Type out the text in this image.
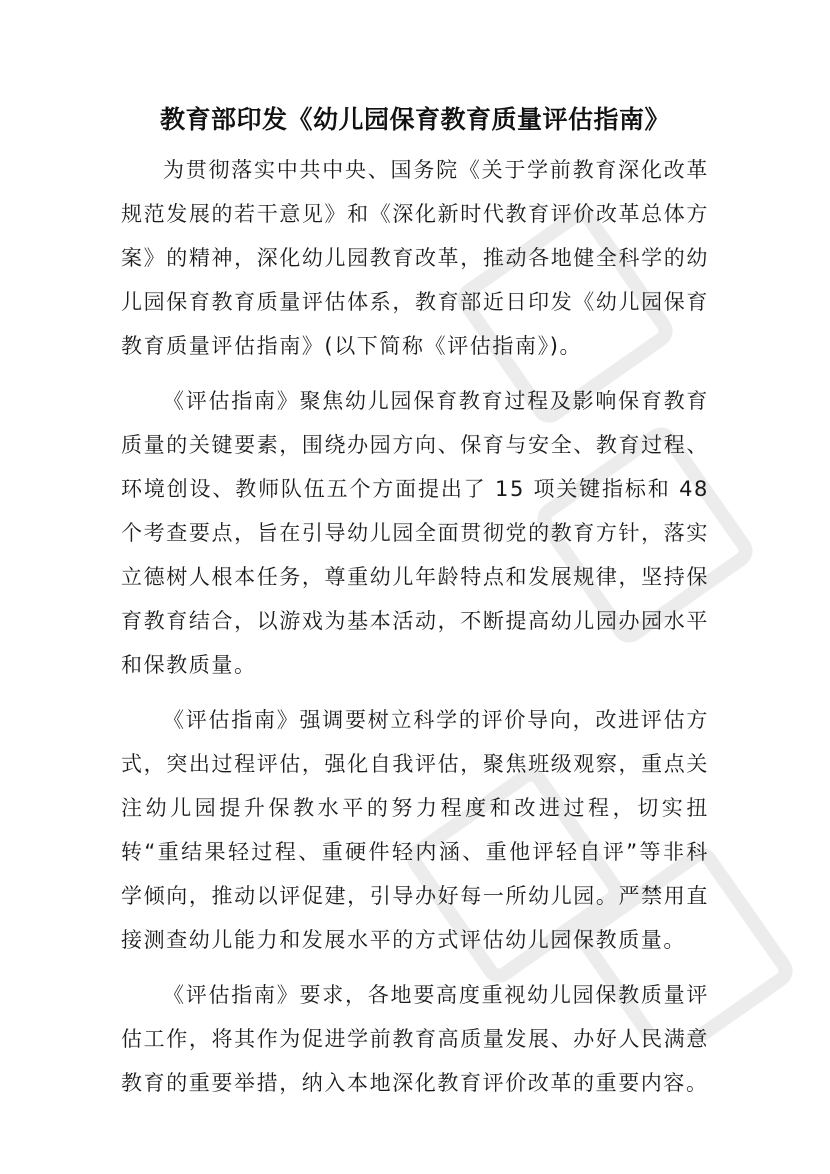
教育部印发《幼儿园保育教育质量评估指南》

为贯彻落实中共中央、国务院《关于学前教育深化改革规范发展的若干意见》和《深化新时代教育评价改革总体方案》的精神，深化幼儿园教育改革，推动各地健全科学的幼儿园保育教育质量评估体系，教育部近日印发《幼儿园保育教育质量评估指南》(以下简称《评估指南》)。

《评估指南》聚焦幼儿园保育教育过程及影响保育教育质量的关键要素，围绕办园方向、保育与安全、教育过程、环境创设、教师队伍五个方面提出了 15 项关键指标和 48 个考查要点，旨在引导幼儿园全面贯彻党的教育方针，落实立德树人根本任务，尊重幼儿年龄特点和发展规律，坚持保育教育结合，以游戏为基本活动，不断提高幼儿园办园水平和保教质量。

《评估指南》强调要树立科学的评价导向，改进评估方式，突出过程评估，强化自我评估，聚焦班级观察，重点关注幼儿园提升保教水平的努力程度和改进过程，切实扭转“重结果轻过程、重硬件轻内涵、重他评轻自评”等非科学倾向，推动以评促建，引导办好每一所幼儿园。严禁用直接测查幼儿能力和发展水平的方式评估幼儿园保教质量。

《评估指南》要求，各地要高度重视幼儿园保教质量评估工作，将其作为促进学前教育高质量发展、办好人民满意教育的重要举措，纳入本地深化教育评价改革的重要内容。
